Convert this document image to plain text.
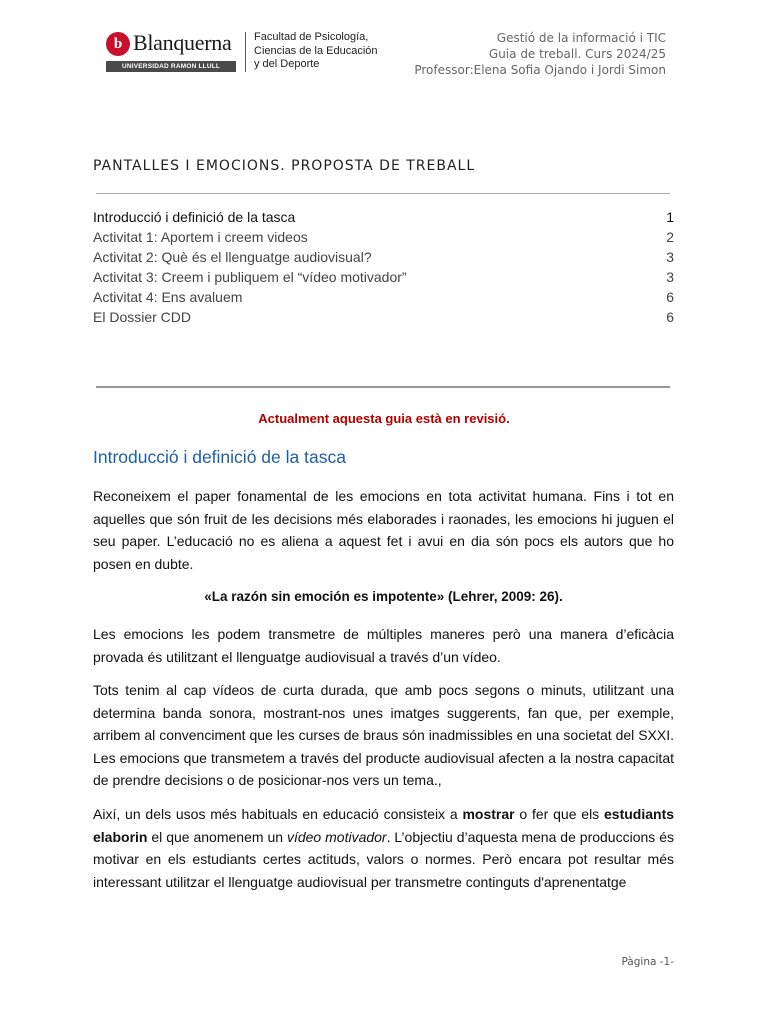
b Blanquerna
UNIVERSIDAD RAMON LLULL
Facultad de Psicología,
Ciencias de la Educación
y del Deporte
Gestió de la informació i TIC
Guia de treball. Curs 2024/25
Professor:Elena Sofia Ojando i Jordi Simon
PANTALLES I EMOCIONS. PROPOSTA DE TREBALL
Introducció i definició de la tasca	1
Activitat 1: Aportem i creem videos	2
Activitat 2: Què és el llenguatge audiovisual?	3
Activitat 3: Creem i publiquem el “vídeo motivador”	3
Activitat 4: Ens avaluem	6
El Dossier CDD	6
Actualment aquesta guia està en revisió.
Introducció i definició de la tasca
Reconeixem el paper fonamental de les emocions en tota activitat humana. Fins i tot en aquelles que són fruit de les decisions més elaborades i raonades, les emocions hi juguen el seu paper. L’educació no es aliena a aquest fet i avui en dia són pocs els autors que ho posen en dubte.
«La razón sin emoción es impotente» (Lehrer, 2009: 26).
Les emocions les podem transmetre de múltiples maneres però una manera d’eficàcia provada és utilitzant el llenguatge audiovisual a través d’un vídeo.
Tots tenim al cap vídeos de curta durada, que amb pocs segons o minuts, utilitzant una determina banda sonora, mostrant-nos unes imatges suggerents, fan que, per exemple, arribem al convenciment que les curses de braus són inadmissibles en una societat del SXXI. Les emocions que transmetem a través del producte audiovisual afecten a la nostra capacitat de prendre decisions o de posicionar-nos vers un tema.,
Així, un dels usos més habituals en educació consisteix a mostrar o fer que els estudiants elaborin el que anomenem un vídeo motivador. L’objectiu d’aquesta mena de produccions és motivar en els estudiants certes actituds, valors o normes. Però encara pot resultar més interessant utilitzar el llenguatge audiovisual per transmetre continguts d'aprenentatge
Pàgina -1-
